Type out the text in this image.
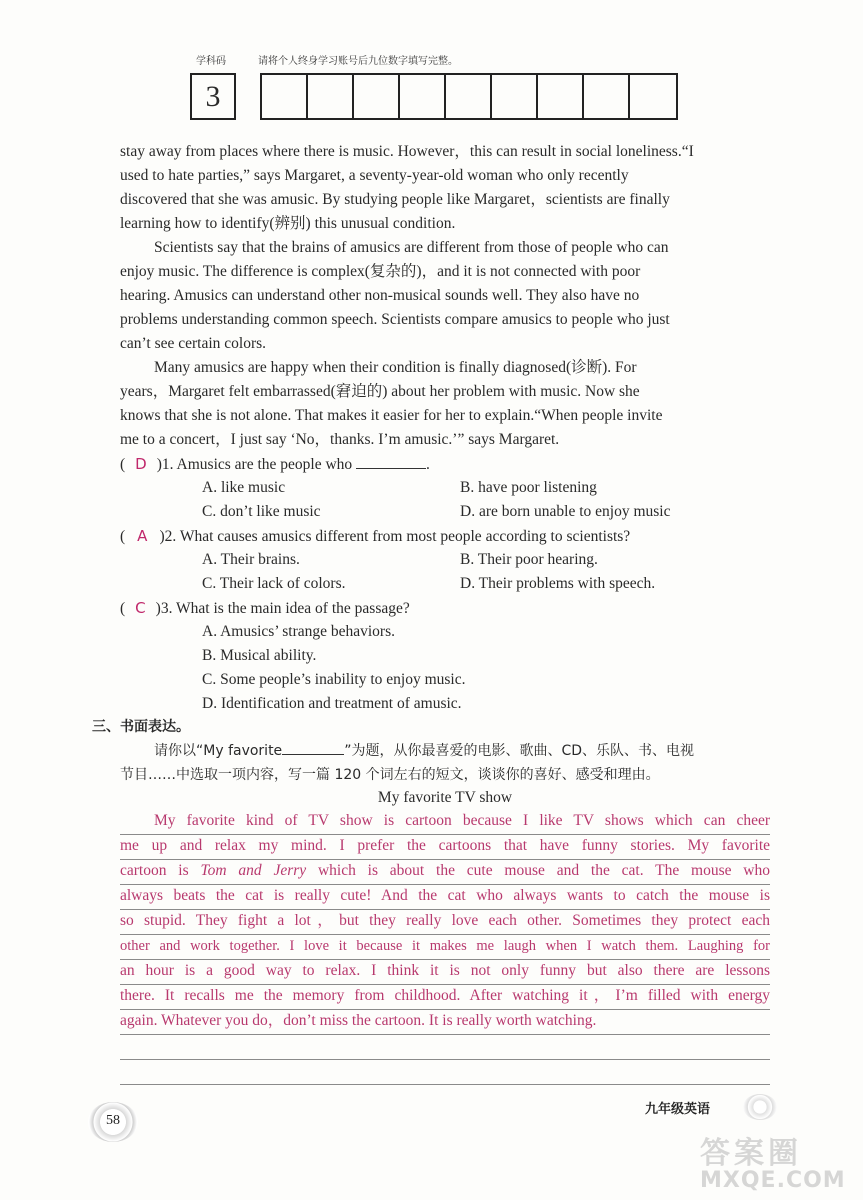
学科码	请将个人终身学习账号后九位数字填写完整。
3

stay away from places where there is music. However，this can result in social loneliness.“I

used to hate parties,” says Margaret, a seventy-year-old woman who only recently

discovered that she was amusic. By studying people like Margaret，scientists are finally

learning how to identify(辨别) this unusual condition.

Scientists say that the brains of amusics are different from those of people who can

enjoy music. The difference is complex(复杂的)，and it is not connected with poor

hearing. Amusics can understand other non-musical sounds well. They also have no

problems understanding common speech. Scientists compare amusics to people who just

can’t see certain colors.

Many amusics are happy when their condition is finally diagnosed(诊断). For

years，Margaret felt embarrassed(窘迫的) about her problem with music. Now she

knows that she is not alone. That makes it easier for her to explain.“When people invite

me to a concert，I just say ‘No，thanks. I’m amusic.’” says Margaret.

( D )1. Amusics are the people who	.
A. like music	B. have poor listening
C. don’t like music	D. are born unable to enjoy music
( A )2. What causes amusics different from most people according to scientists?
A. Their brains.	B. Their poor hearing.
C. Their lack of colors.	D. Their problems with speech.
( C )3. What is the main idea of the passage?
A. Amusics’ strange behaviors.
B. Musical ability.
C. Some people’s inability to enjoy music.
D. Identification and treatment of amusic.
三、书面表达。
请你以“My favorite	”为题，从你最喜爱的电影、歌曲、CD、乐队、书、电视
节目……中选取一项内容，写一篇 120 个词左右的短文，谈谈你的喜好、感受和理由。
My favorite TV show
My favorite kind of TV show is cartoon because I like TV shows which can cheer
me up and relax my mind. I prefer the cartoons that have funny stories. My favorite
cartoon is Tom and Jerry which is about the cute mouse and the cat. The mouse who
always beats the cat is really cute! And the cat who always wants to catch the mouse is
so stupid. They fight a lot，but they really love each other. Sometimes they protect each
other and work together. I love it because it makes me laugh when I watch them. Laughing for
an hour is a good way to relax. I think it is not only funny but also there are lessons
there. It recalls me the memory from childhood. After watching it，I’m filled with energy
again. Whatever you do，don’t miss the cartoon. It is really worth watching.
58
九年级英语
答案圈
MXQE.COM
